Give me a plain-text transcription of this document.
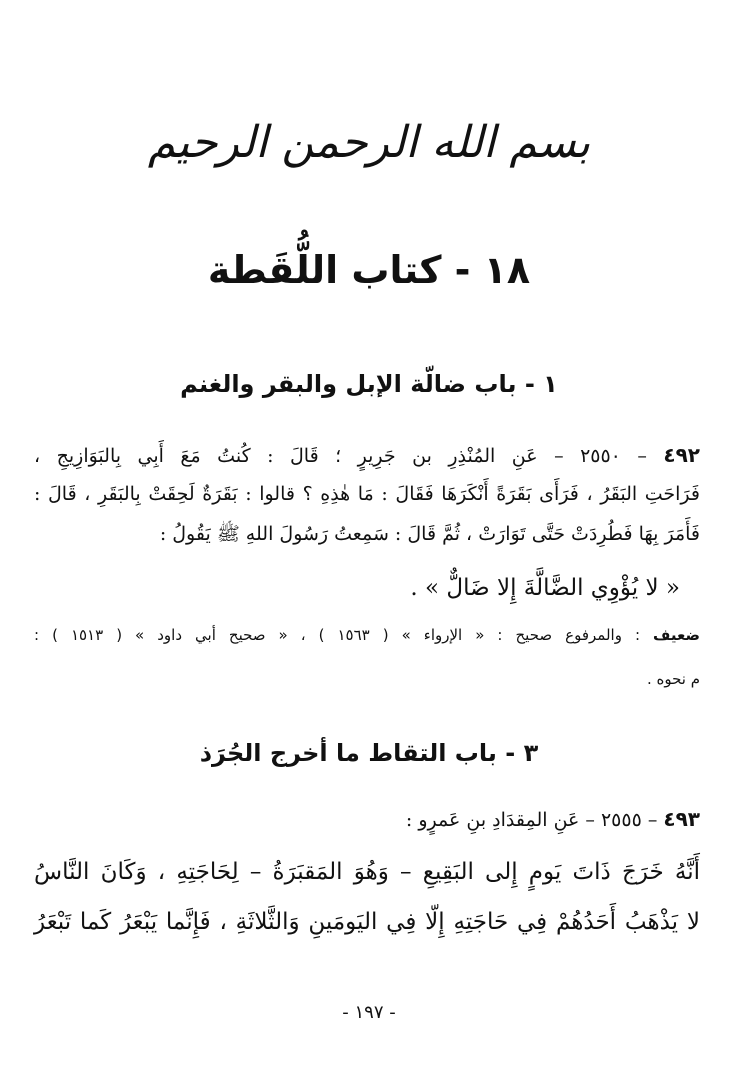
بسم الله الرحمن الرحيم
١٨ - كتاب اللُّقَطة
١ - باب ضالّة الإبل والبقر والغنم
٤٩٢ – ٢٥٥٠ – عَنِ المُنْذِرِ بن جَرِيرٍ ؛ قَالَ : كُنتُ مَعَ أَبِي بِالبَوَازِيجِ ،
فَرَاحَتِ البَقَرُ ، فَرَأَى بَقَرَةً أَنْكَرَهَا فَقَالَ : مَا هٰذِهِ ؟ قالوا : بَقَرَةٌ لَحِقَتْ بِالبَقَرِ ، قَالَ :
فَأَمَرَ بِهَا فَطُرِدَتْ حَتَّى تَوَارَتْ ، ثُمَّ قَالَ : سَمِعتُ رَسُولَ اللهِ ﷺ يَقُولُ :
« لا يُؤْوِي الضَّالَّةَ إِلا ضَالٌّ » .
ضعيف : والمرفوع صحيح : « الإرواء » ( ١٥٦٣ ) ، « صحيح أبي داود » ( ١٥١٣ ) :
م نحوه .
٣ - باب التقاط ما أخرج الجُرَذ
٤٩٣ – ٢٥٥٥ – عَنِ المِقدَادِ بنِ عَمرٍو :
أَنَّهُ خَرَجَ ذَاتَ يَومٍ إِلى البَقِيعِ – وَهُوَ المَقبَرَةُ – لِحَاجَتِهِ ، وَكَانَ النَّاسُ
لا يَذْهَبُ أَحَدُهُمْ فِي حَاجَتِهِ إِلّا فِي اليَومَينِ وَالثَّلاثَةِ ، فَإِنَّما يَبْعَرُ كَما تَبْعَرُ
- ١٩٧ -
